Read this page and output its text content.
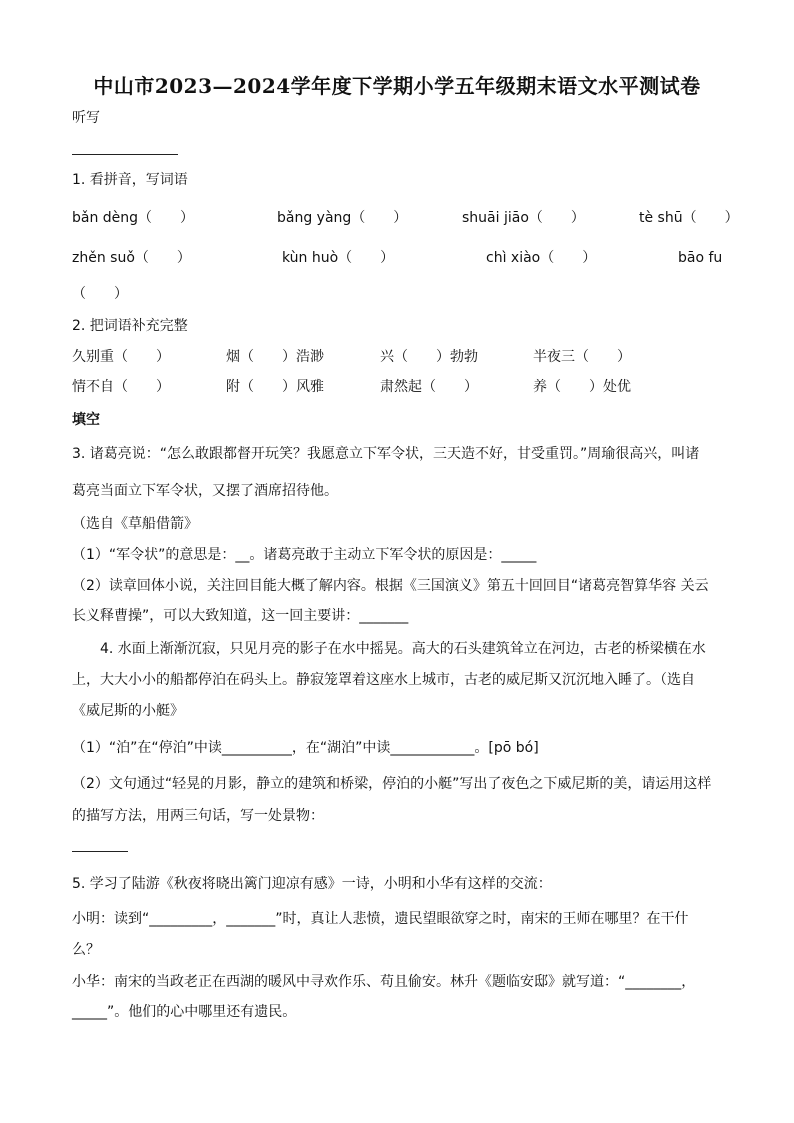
中山市2023—2024学年度下学期小学五年级期末语文水平测试卷
听写
1. 看拼音，写词语
bǎn dèng（　　）	bǎng yàng（　　）	shuāi jiāo（　　）	tè shū（　　）
zhěn suǒ（　　）	kùn huò（　　）	chì xiào（　　）	bāo fu
（　　）
2. 把词语补充完整
久别重（　　）	烟（　　）浩渺	兴（　　）勃勃	半夜三（　　）
情不自（　　）	附（　　）风雅	肃然起（　　）	养（　　）处优
填空
3. 诸葛亮说：“怎么敢跟都督开玩笑？我愿意立下军令状，三天造不好，甘受重罚。”周瑜很高兴，叫诸
葛亮当面立下军令状，又摆了酒席招待他。
（选自《草船借箭》
（1）“军令状”的意思是：__。诸葛亮敢于主动立下军令状的原因是：_____
（2）读章回体小说，关注回目能大概了解内容。根据《三国演义》第五十回回目“诸葛亮智算华容 关云
长义释曹操”，可以大致知道，这一回主要讲：_______
4. 水面上渐渐沉寂，只见月亮的影子在水中摇晃。高大的石头建筑耸立在河边，古老的桥梁横在水
上，大大小小的船都停泊在码头上。静寂笼罩着这座水上城市，古老的威尼斯又沉沉地入睡了。（选自
《威尼斯的小艇》
（1）“泊”在“停泊”中读__________，在“湖泊”中读____________。[pō bó]
（2）文句通过“轻晃的月影，静立的建筑和桥梁，停泊的小艇”写出了夜色之下威尼斯的美，请运用这样
的描写方法，用两三句话，写一处景物：
5. 学习了陆游《秋夜将晓出篱门迎凉有感》一诗，小明和小华有这样的交流：
小明：读到“_________，_______”时，真让人悲愤，遗民望眼欲穿之时，南宋的王师在哪里？在干什
么？
小华：南宋的当政老正在西湖的暖风中寻欢作乐、苟且偷安。林升《题临安邸》就写道：“________，
_____”。他们的心中哪里还有遗民。
